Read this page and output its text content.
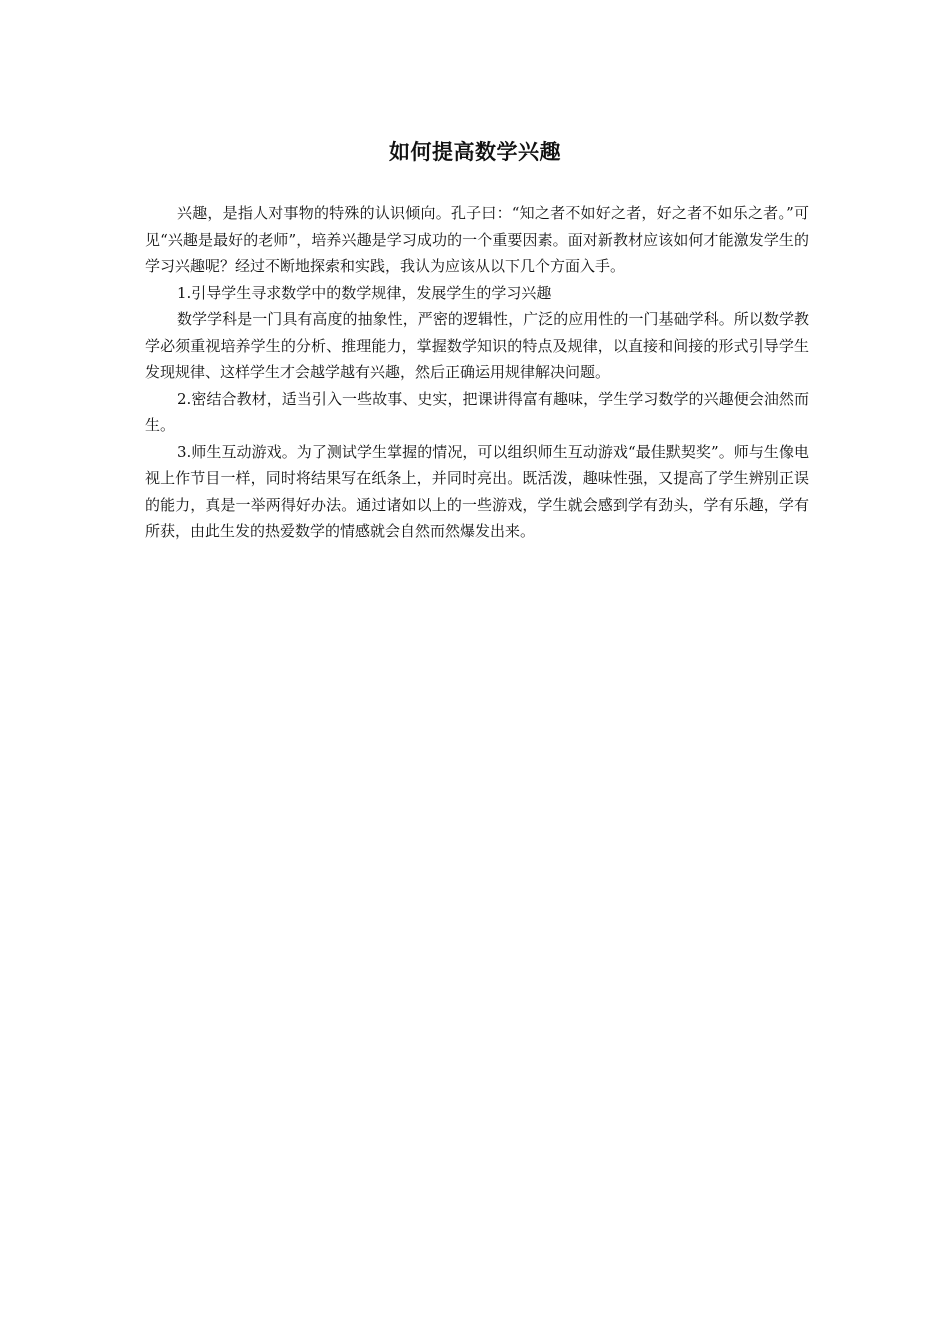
如何提高数学兴趣

兴趣，是指人对事物的特殊的认识倾向。孔子曰：“知之者不如好之者，好之者不如乐之者。”可见“兴趣是最好的老师”，培养兴趣是学习成功的一个重要因素。面对新教材应该如何才能激发学生的学习兴趣呢？经过不断地探索和实践，我认为应该从以下几个方面入手。

1.引导学生寻求数学中的数学规律，发展学生的学习兴趣

数学学科是一门具有高度的抽象性，严密的逻辑性，广泛的应用性的一门基础学科。所以数学教学必须重视培养学生的分析、推理能力，掌握数学知识的特点及规律，以直接和间接的形式引导学生发现规律、这样学生才会越学越有兴趣，然后正确运用规律解决问题。

2.密结合教材，适当引入一些故事、史实，把课讲得富有趣味，学生学习数学的兴趣便会油然而生。

3.师生互动游戏。为了测试学生掌握的情况，可以组织师生互动游戏“最佳默契奖”。师与生像电视上作节目一样，同时将结果写在纸条上，并同时亮出。既活泼，趣味性强，又提高了学生辨别正误的能力，真是一举两得好办法。通过诸如以上的一些游戏，学生就会感到学有劲头，学有乐趣，学有所获，由此生发的热爱数学的情感就会自然而然爆发出来。
